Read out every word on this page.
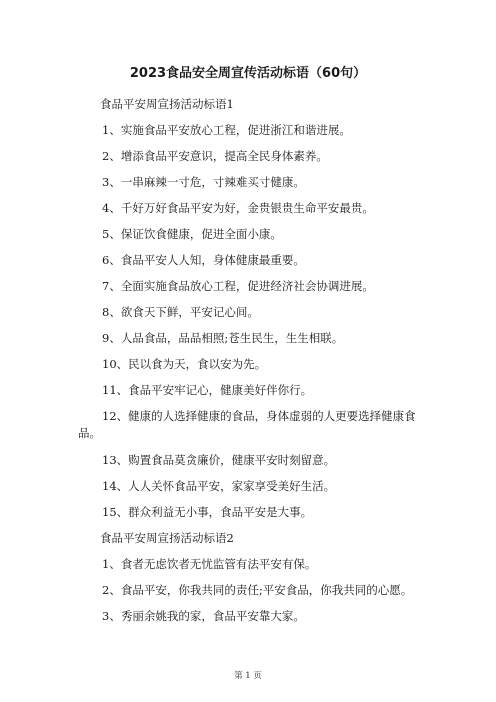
2023食品安全周宣传活动标语（60句）
食品平安周宣扬活动标语1
1、实施食品平安放心工程，促进浙江和谐进展。
2、增添食品平安意识，提高全民身体素养。
3、一串麻辣一寸危，寸辣难买寸健康。
4、千好万好食品平安为好，金贵银贵生命平安最贵。
5、保证饮食健康，促进全面小康。
6、食品平安人人知，身体健康最重要。
7、全面实施食品放心工程，促进经济社会协调进展。
8、欲食天下鲜，平安记心间。
9、人品食品，品品相照;苍生民生，生生相联。
10、民以食为天，食以安为先。
11、食品平安牢记心，健康美好伴你行。
12、健康的人选择健康的食品，身体虚弱的人更要选择健康食品。
13、购置食品莫贪廉价，健康平安时刻留意。
14、人人关怀食品平安，家家享受美好生活。
15、群众利益无小事，食品平安是大事。
食品平安周宣扬活动标语2
1、食者无虑饮者无忧监管有法平安有保。
2、食品平安，你我共同的责任;平安食品，你我共同的心愿。
3、秀丽余姚我的家，食品平安靠大家。
第 1 页
